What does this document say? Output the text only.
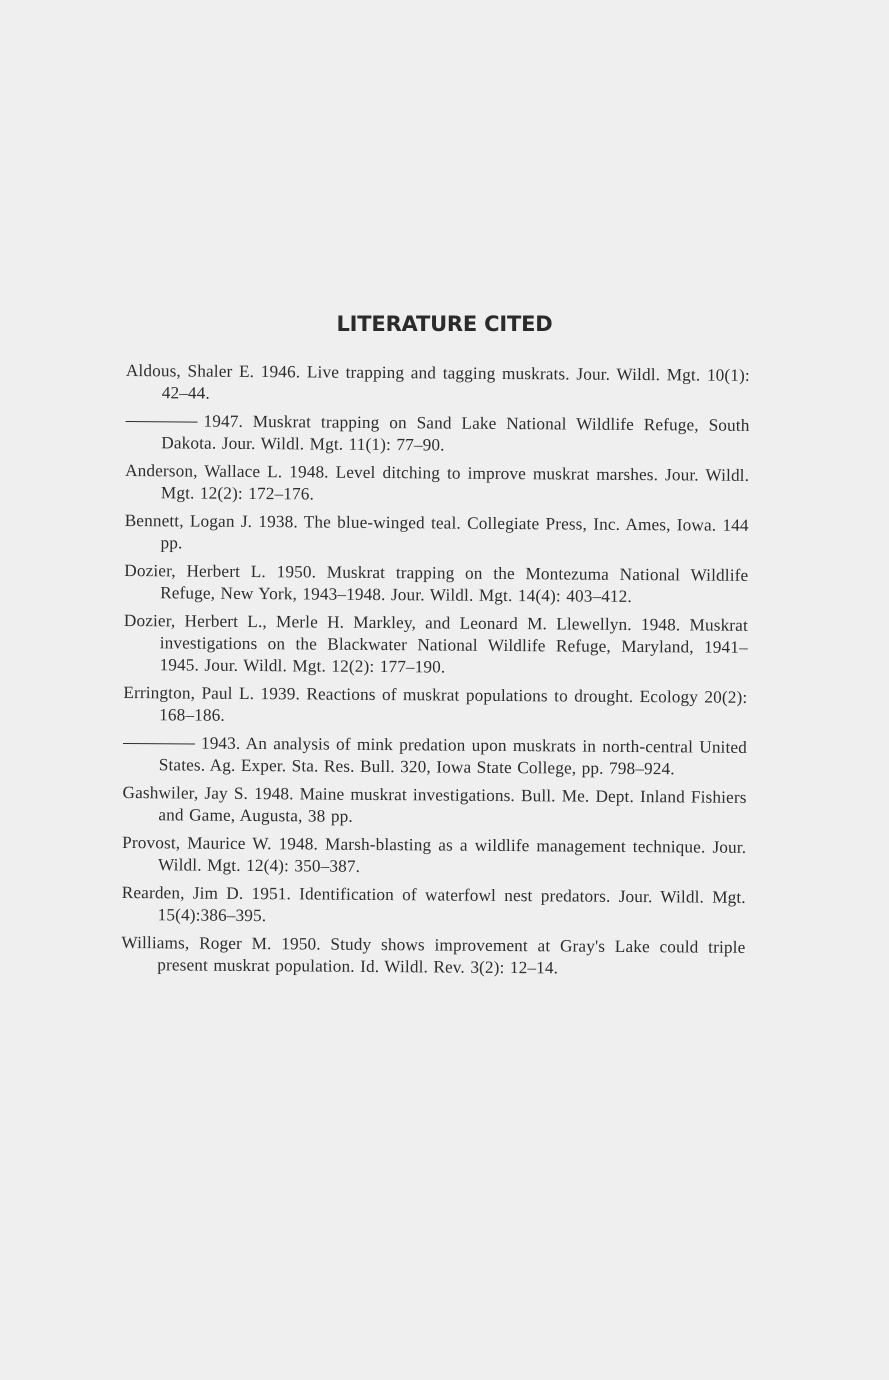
LITERATURE CITED
Aldous, Shaler E. 1946. Live trapping and tagging muskrats. Jour. Wildl. Mgt. 10(1): 42–44.
1947. Muskrat trapping on Sand Lake National Wildlife Refuge, South Dakota. Jour. Wildl. Mgt. 11(1): 77–90.
Anderson, Wallace L. 1948. Level ditching to improve muskrat marshes. Jour. Wildl. Mgt. 12(2): 172–176.
Bennett, Logan J. 1938. The blue-winged teal. Collegiate Press, Inc. Ames, Iowa. 144 pp.
Dozier, Herbert L. 1950. Muskrat trapping on the Montezuma National Wildlife Refuge, New York, 1943–1948. Jour. Wildl. Mgt. 14(4): 403–412.
Dozier, Herbert L., Merle H. Markley, and Leonard M. Llewellyn. 1948. Muskrat investigations on the Blackwater National Wildlife Refuge, Maryland, 1941–1945. Jour. Wildl. Mgt. 12(2): 177–190.
Errington, Paul L. 1939. Reactions of muskrat populations to drought. Ecology 20(2): 168–186.
1943. An analysis of mink predation upon muskrats in north-central United States. Ag. Exper. Sta. Res. Bull. 320, Iowa State College, pp. 798–924.
Gashwiler, Jay S. 1948. Maine muskrat investigations. Bull. Me. Dept. Inland Fishiers and Game, Augusta, 38 pp.
Provost, Maurice W. 1948. Marsh-blasting as a wildlife management technique. Jour. Wildl. Mgt. 12(4): 350–387.
Rearden, Jim D. 1951. Identification of waterfowl nest predators. Jour. Wildl. Mgt. 15(4):386–395.
Williams, Roger M. 1950. Study shows improvement at Gray's Lake could triple present muskrat population. Id. Wildl. Rev. 3(2): 12–14.
